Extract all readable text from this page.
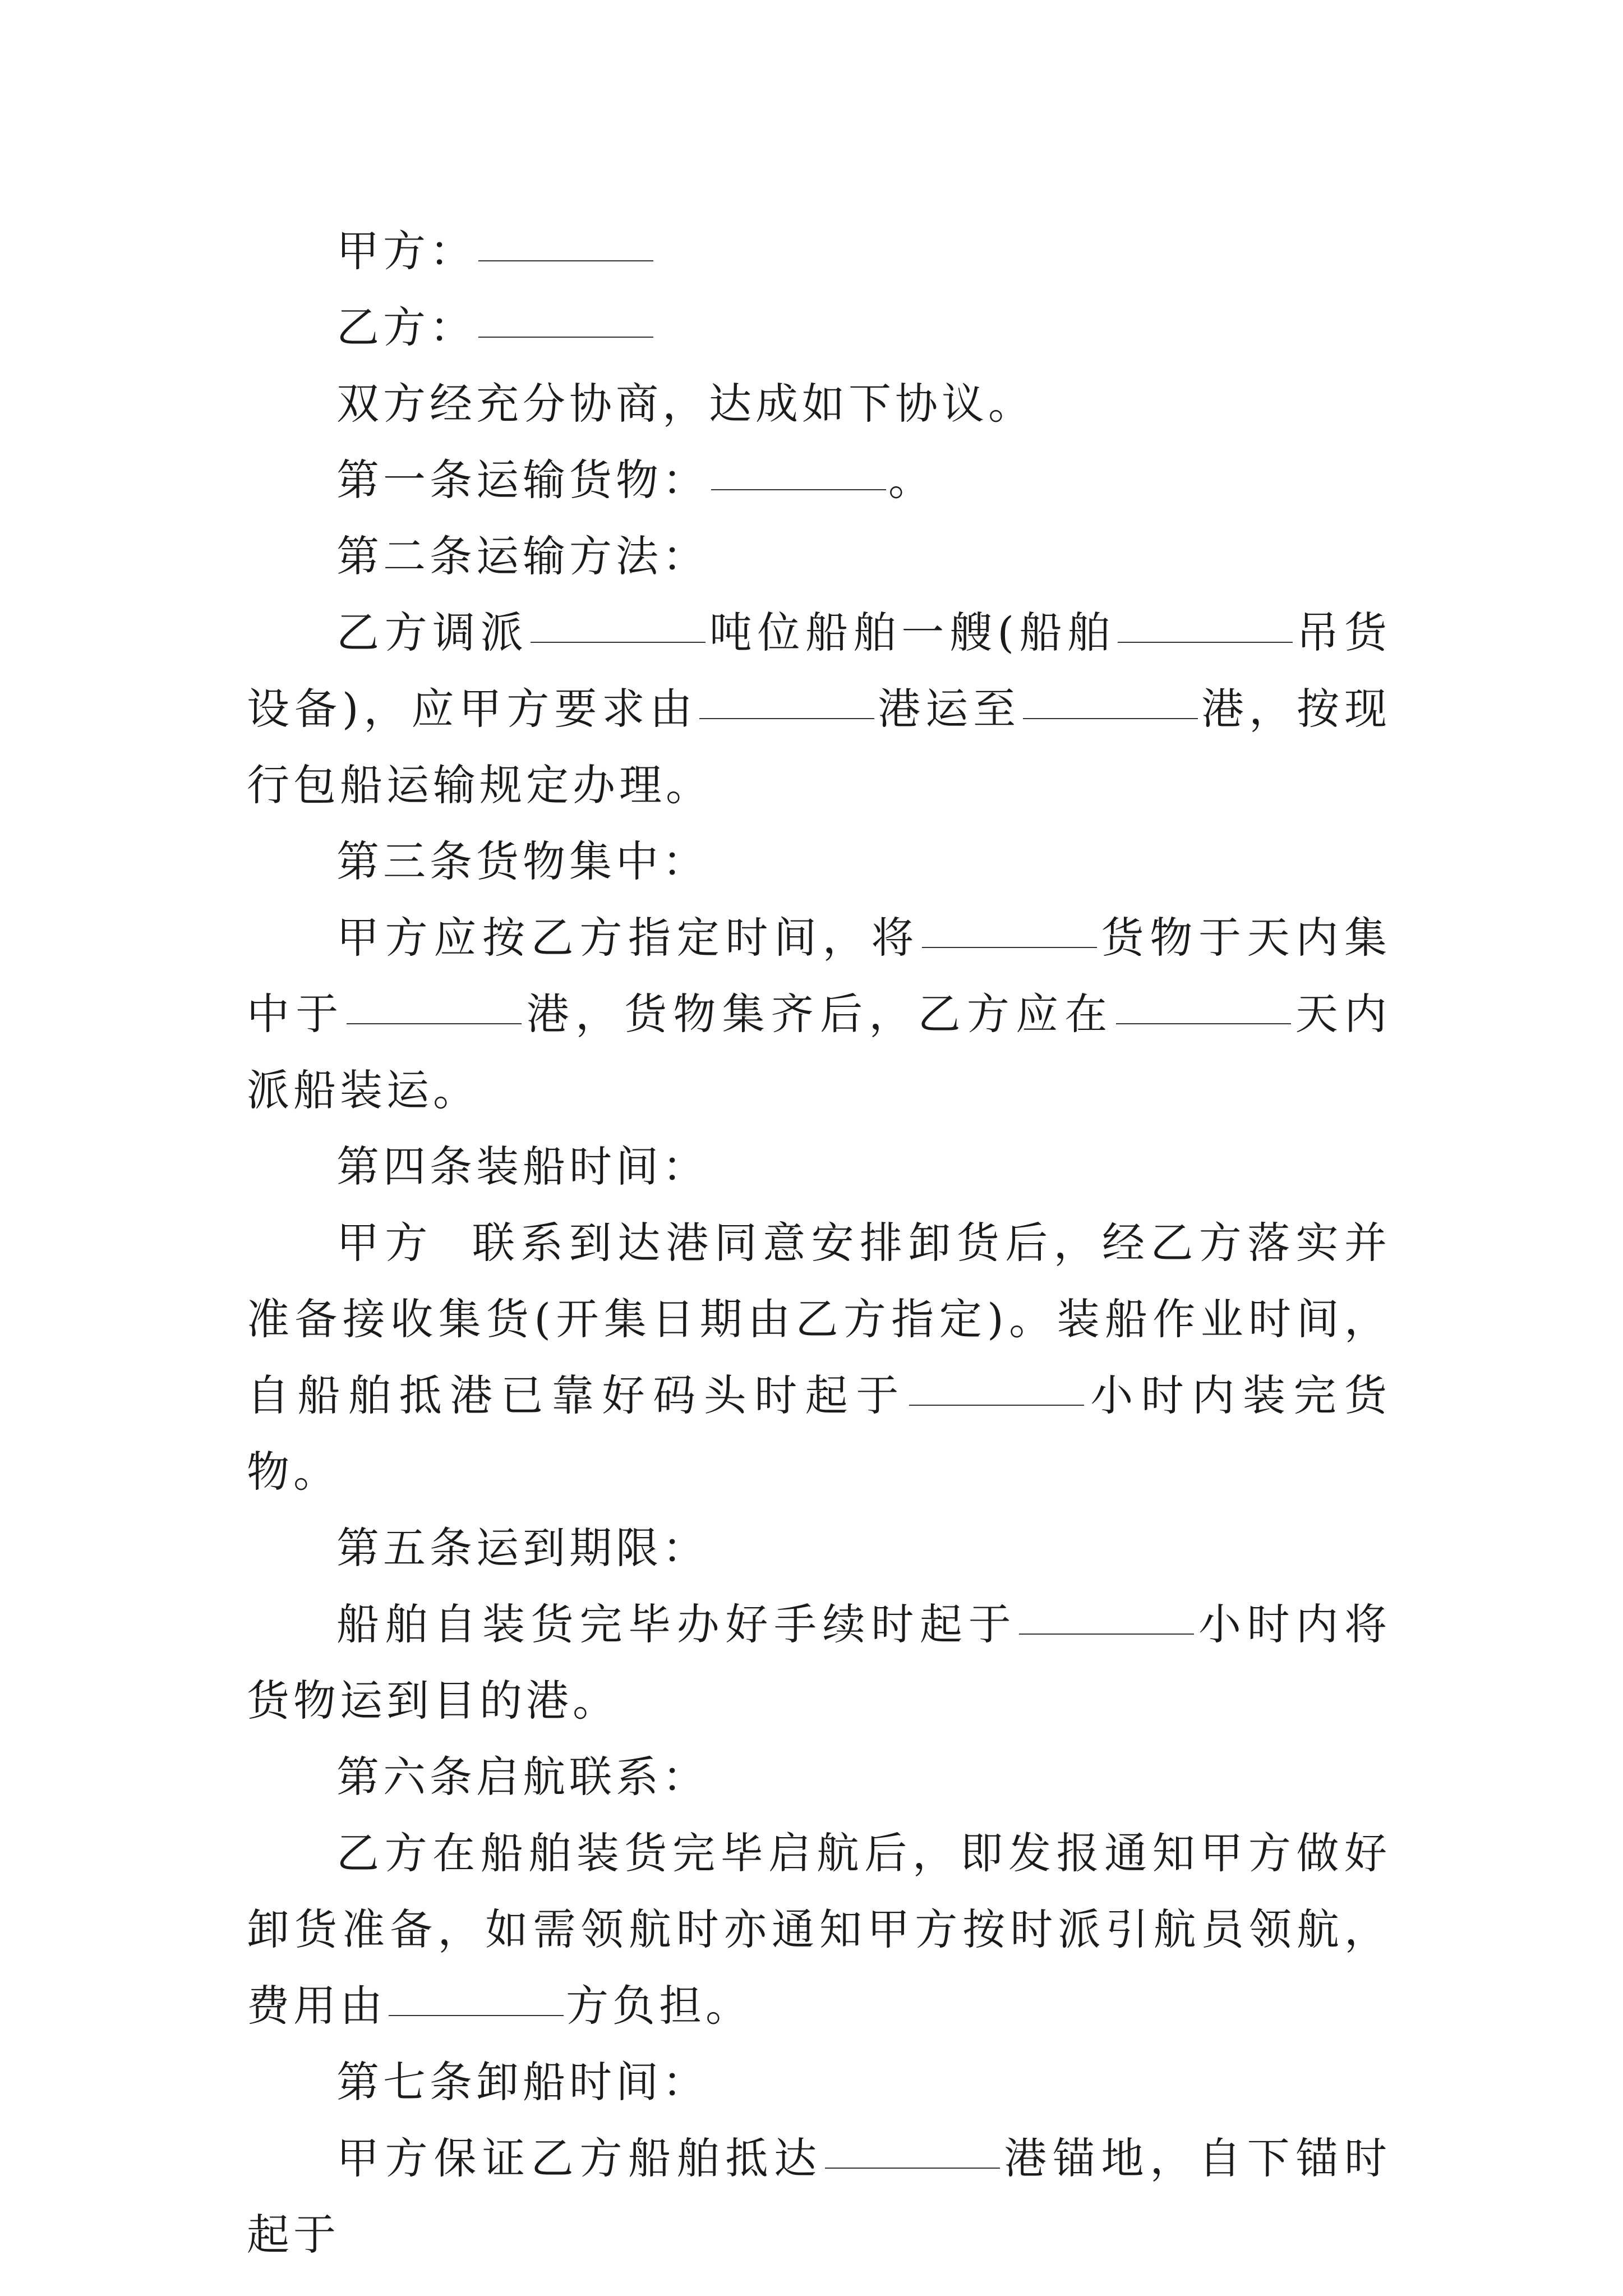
甲方：

乙方：

双方经充分协商，达成如下协议。

第一条运输货物：	。

第二条运输方法：

乙方调派	吨位船舶一艘(船舶	吊货设备)，应甲方要求由	港运至	港，按现行包船运输规定办理。

第三条货物集中：

甲方应按乙方指定时间，将	货物于天内集中于	港，货物集齐后，乙方应在	天内派船装运。

第四条装船时间：

甲方  联系到达港同意安排卸货后，经乙方落实并准备接收集货(开集日期由乙方指定)。装船作业时间，自船舶抵港已靠好码头时起于	小时内装完货物。

第五条运到期限：

船舶自装货完毕办好手续时起于	小时内将货物运到目的港。

第六条启航联系：

乙方在船舶装货完毕启航后，即发报通知甲方做好卸货准备，如需领航时亦通知甲方按时派引航员领航，费用由	方负担。

第七条卸船时间：

甲方保证乙方船舶抵达	港锚地，自下锚时起于
